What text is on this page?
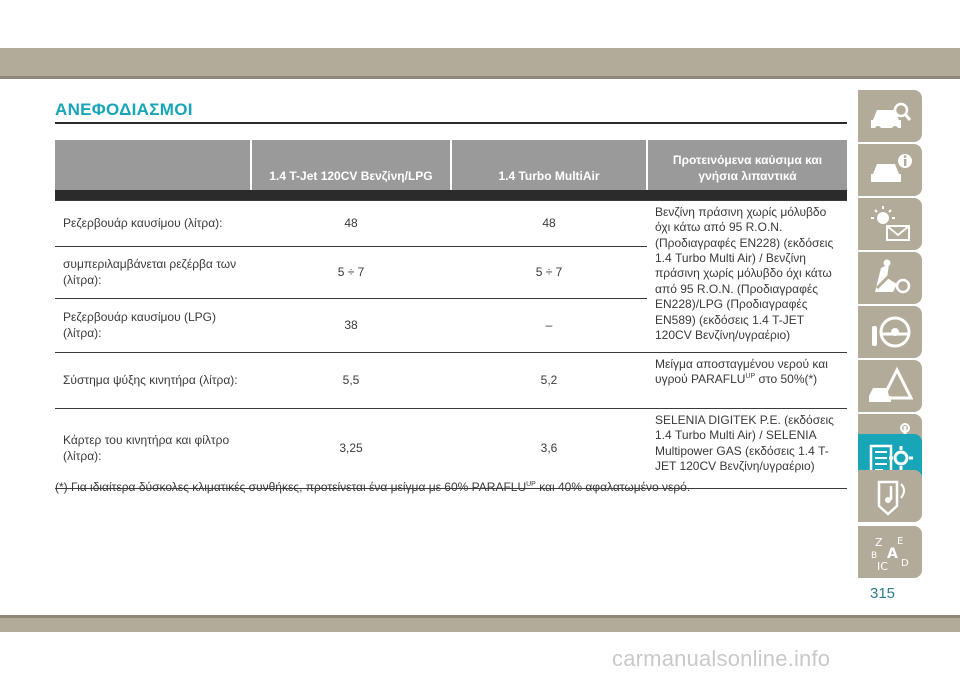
ΑΝΕΦΟΔΙΑΣΜΟΙ
	1.4 T-Jet 120CV Βενζίνη/LPG	1.4 Turbo MultiAir	Προτεινόμενα καύσιμα και γνήσια λιπαντικά

Ρεζερβουάρ καυσίμου (λίτρα):	48	48	Βενζίνη πράσινη χωρίς μόλυβδο όχι κάτω από 95 R.O.N. (Προδιαγραφές EN228) (εκδόσεις 1.4 Turbo Multi Air) / Βενζίνη πράσινη χωρίς μόλυβδο όχι κάτω από 95 R.O.N. (Προδιαγραφές EN228)/LPG (Προδιαγραφές EN589) (εκδόσεις 1.4 T-JET 120CV Βενζίνη/υγραέριο)
συμπεριλαμβάνεται ρεζέρβα των (λίτρα):	5 ÷ 7	5 ÷ 7	
Ρεζερβουάρ καυσίμου (LPG) (λίτρα):	38	–	
Σύστημα ψύξης κινητήρα (λίτρα):	5,5	5,2	Μείγμα αποσταγμένου νερού και υγρού $PARAFLU^{UP}$ στο 50%(*)
Κάρτερ του κινητήρα και φίλτρο (λίτρα):	3,25	3,6	SELENIA DIGITEK P.E. (εκδόσεις 1.4 Turbo Multi Air) / SELENIA Multipower GAS (εκδόσεις 1.4 T-JET 120CV Βενζίνη/υγραέριο)
(*) Για ιδιαίτερα δύσκολες κλιματικές συνθήκες, προτείνεται ένα μείγμα με 60% $PARAFLU^{UP}$ και 40% αφαλατωμένο νερό.
Z E
B A
IC D
315
carmanualsonline.info
